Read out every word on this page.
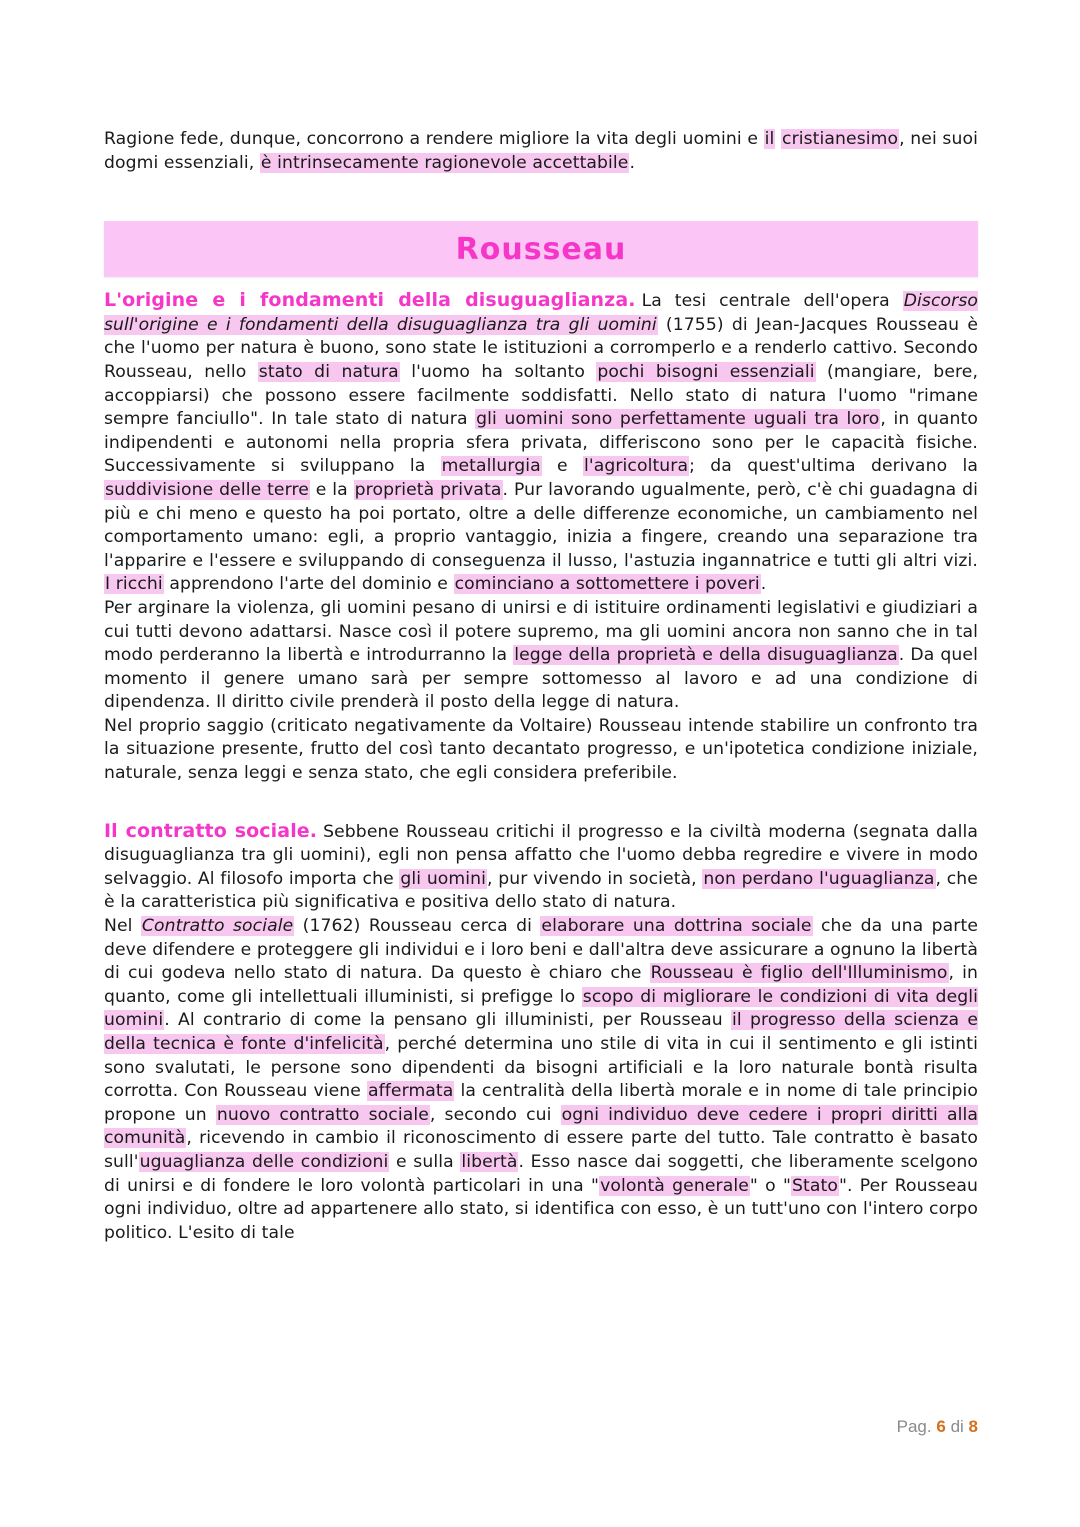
Ragione fede, dunque, concorrono a rendere migliore la vita degli uomini e il cristianesimo, nei suoi dogmi essenziali, è intrinsecamente ragionevole accettabile.

Rousseau

L'origine e i fondamenti della disuguaglianza. La tesi centrale dell'opera Discorso sull'origine e i fondamenti della disuguaglianza tra gli uomini (1755) di Jean-Jacques Rousseau è che l'uomo per natura è buono, sono state le istituzioni a corromperlo e a renderlo cattivo. Secondo Rousseau, nello stato di natura l'uomo ha soltanto pochi bisogni essenziali (mangiare, bere, accoppiarsi) che possono essere facilmente soddisfatti. Nello stato di natura l'uomo "rimane sempre fanciullo". In tale stato di natura gli uomini sono perfettamente uguali tra loro, in quanto indipendenti e autonomi nella propria sfera privata, differiscono sono per le capacità fisiche. Successivamente si sviluppano la metallurgia e l'agricoltura; da quest'ultima derivano la suddivisione delle terre e la proprietà privata. Pur lavorando ugualmente, però, c'è chi guadagna di più e chi meno e questo ha poi portato, oltre a delle differenze economiche, un cambiamento nel comportamento umano: egli, a proprio vantaggio, inizia a fingere, creando una separazione tra l'apparire e l'essere e sviluppando di conseguenza il lusso, l'astuzia ingannatrice e tutti gli altri vizi. I ricchi apprendono l'arte del dominio e cominciano a sottomettere i poveri.

Per arginare la violenza, gli uomini pesano di unirsi e di istituire ordinamenti legislativi e giudiziari a cui tutti devono adattarsi. Nasce così il potere supremo, ma gli uomini ancora non sanno che in tal modo perderanno la libertà e introdurranno la legge della proprietà e della disuguaglianza. Da quel momento il genere umano sarà per sempre sottomesso al lavoro e ad una condizione di dipendenza. Il diritto civile prenderà il posto della legge di natura.

Nel proprio saggio (criticato negativamente da Voltaire) Rousseau intende stabilire un confronto tra la situazione presente, frutto del così tanto decantato progresso, e un'ipotetica condizione iniziale, naturale, senza leggi e senza stato, che egli considera preferibile.

Il contratto sociale. Sebbene Rousseau critichi il progresso e la civiltà moderna (segnata dalla disuguaglianza tra gli uomini), egli non pensa affatto che l'uomo debba regredire e vivere in modo selvaggio. Al filosofo importa che gli uomini, pur vivendo in società, non perdano l'uguaglianza, che è la caratteristica più significativa e positiva dello stato di natura.

Nel Contratto sociale (1762) Rousseau cerca di elaborare una dottrina sociale che da una parte deve difendere e proteggere gli individui e i loro beni e dall'altra deve assicurare a ognuno la libertà di cui godeva nello stato di natura. Da questo è chiaro che Rousseau è figlio dell'Illuminismo, in quanto, come gli intellettuali illuministi, si prefigge lo scopo di migliorare le condizioni di vita degli uomini. Al contrario di come la pensano gli illuministi, per Rousseau il progresso della scienza e della tecnica è fonte d'infelicità, perché determina uno stile di vita in cui il sentimento e gli istinti sono svalutati, le persone sono dipendenti da bisogni artificiali e la loro naturale bontà risulta corrotta. Con Rousseau viene affermata la centralità della libertà morale e in nome di tale principio propone un nuovo contratto sociale, secondo cui ogni individuo deve cedere i propri diritti alla comunità, ricevendo in cambio il riconoscimento di essere parte del tutto. Tale contratto è basato sull'uguaglianza delle condizioni e sulla libertà. Esso nasce dai soggetti, che liberamente scelgono di unirsi e di fondere le loro volontà particolari in una "volontà generale" o "Stato". Per Rousseau ogni individuo, oltre ad appartenere allo stato, si identifica con esso, è un tutt'uno con l'intero corpo politico. L'esito di tale

Pag. 6 di 8
